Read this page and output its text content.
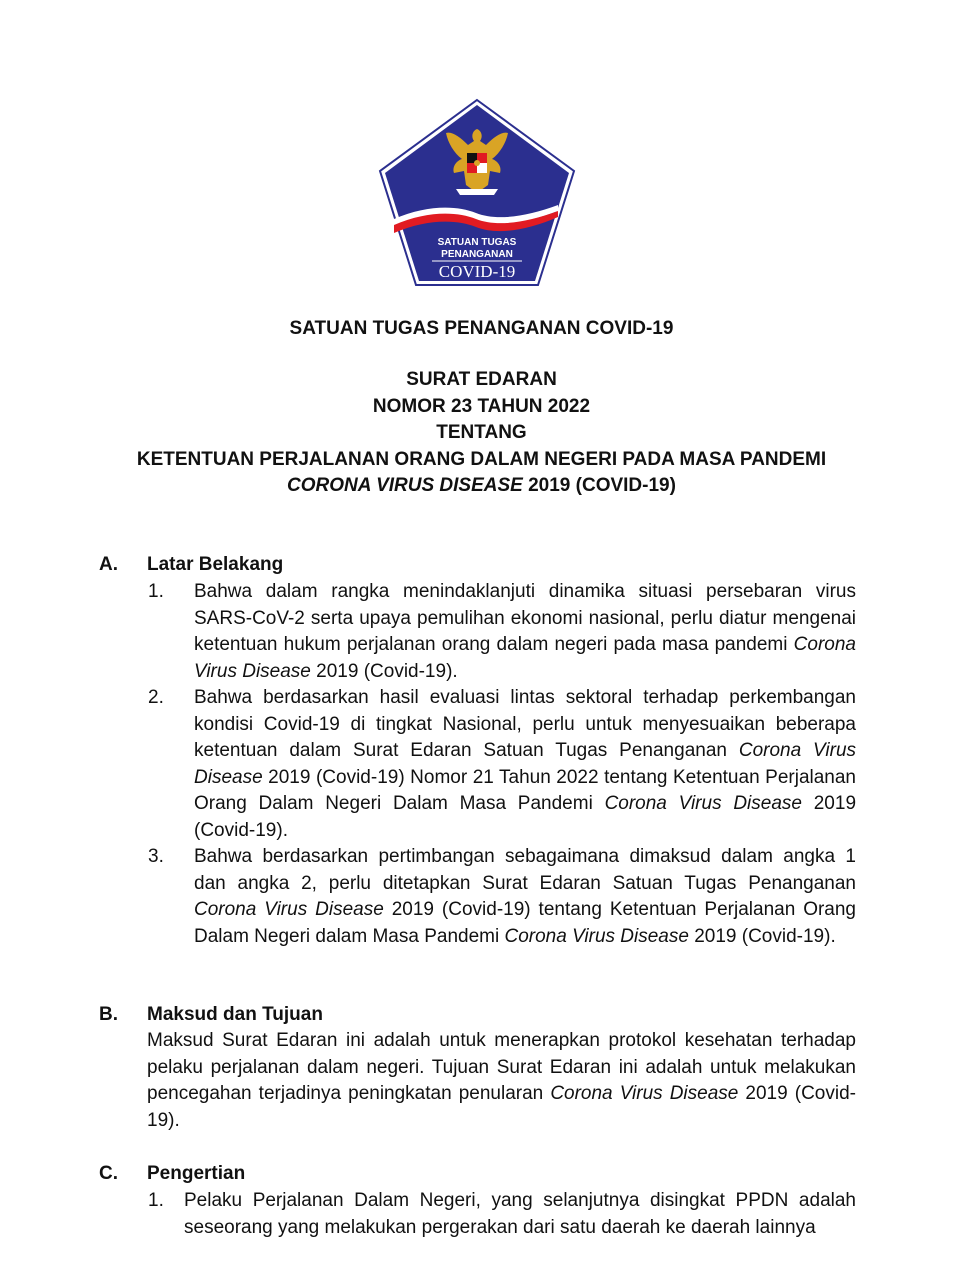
SATUAN TUGAS
PENANGANAN
COVID-19
SATUAN TUGAS PENANGANAN COVID-19
SURAT EDARAN
NOMOR 23 TAHUN 2022
TENTANG
KETENTUAN PERJALANAN ORANG DALAM NEGERI PADA MASA PANDEMI
CORONA VIRUS DISEASE 2019 (COVID-19)
A. Latar Belakang
1. Bahwa dalam rangka menindaklanjuti dinamika situasi persebaran virus SARS-CoV-2 serta upaya pemulihan ekonomi nasional, perlu diatur mengenai ketentuan hukum perjalanan orang dalam negeri pada masa pandemi Corona Virus Disease 2019 (Covid-19).
2. Bahwa berdasarkan hasil evaluasi lintas sektoral terhadap perkembangan kondisi Covid-19 di tingkat Nasional, perlu untuk menyesuaikan beberapa ketentuan dalam Surat Edaran Satuan Tugas Penanganan Corona Virus Disease 2019 (Covid-19) Nomor 21 Tahun 2022 tentang Ketentuan Perjalanan Orang Dalam Negeri Dalam Masa Pandemi Corona Virus Disease 2019 (Covid-19).
3. Bahwa berdasarkan pertimbangan sebagaimana dimaksud dalam angka 1 dan angka 2, perlu ditetapkan Surat Edaran Satuan Tugas Penanganan Corona Virus Disease 2019 (Covid-19) tentang Ketentuan Perjalanan Orang Dalam Negeri dalam Masa Pandemi Corona Virus Disease 2019 (Covid-19).
B. Maksud dan Tujuan
Maksud Surat Edaran ini adalah untuk menerapkan protokol kesehatan terhadap pelaku perjalanan dalam negeri. Tujuan Surat Edaran ini adalah untuk melakukan pencegahan terjadinya peningkatan penularan Corona Virus Disease 2019 (Covid-19).
C. Pengertian
1. Pelaku Perjalanan Dalam Negeri, yang selanjutnya disingkat PPDN adalah seseorang yang melakukan pergerakan dari satu daerah ke daerah lainnya
